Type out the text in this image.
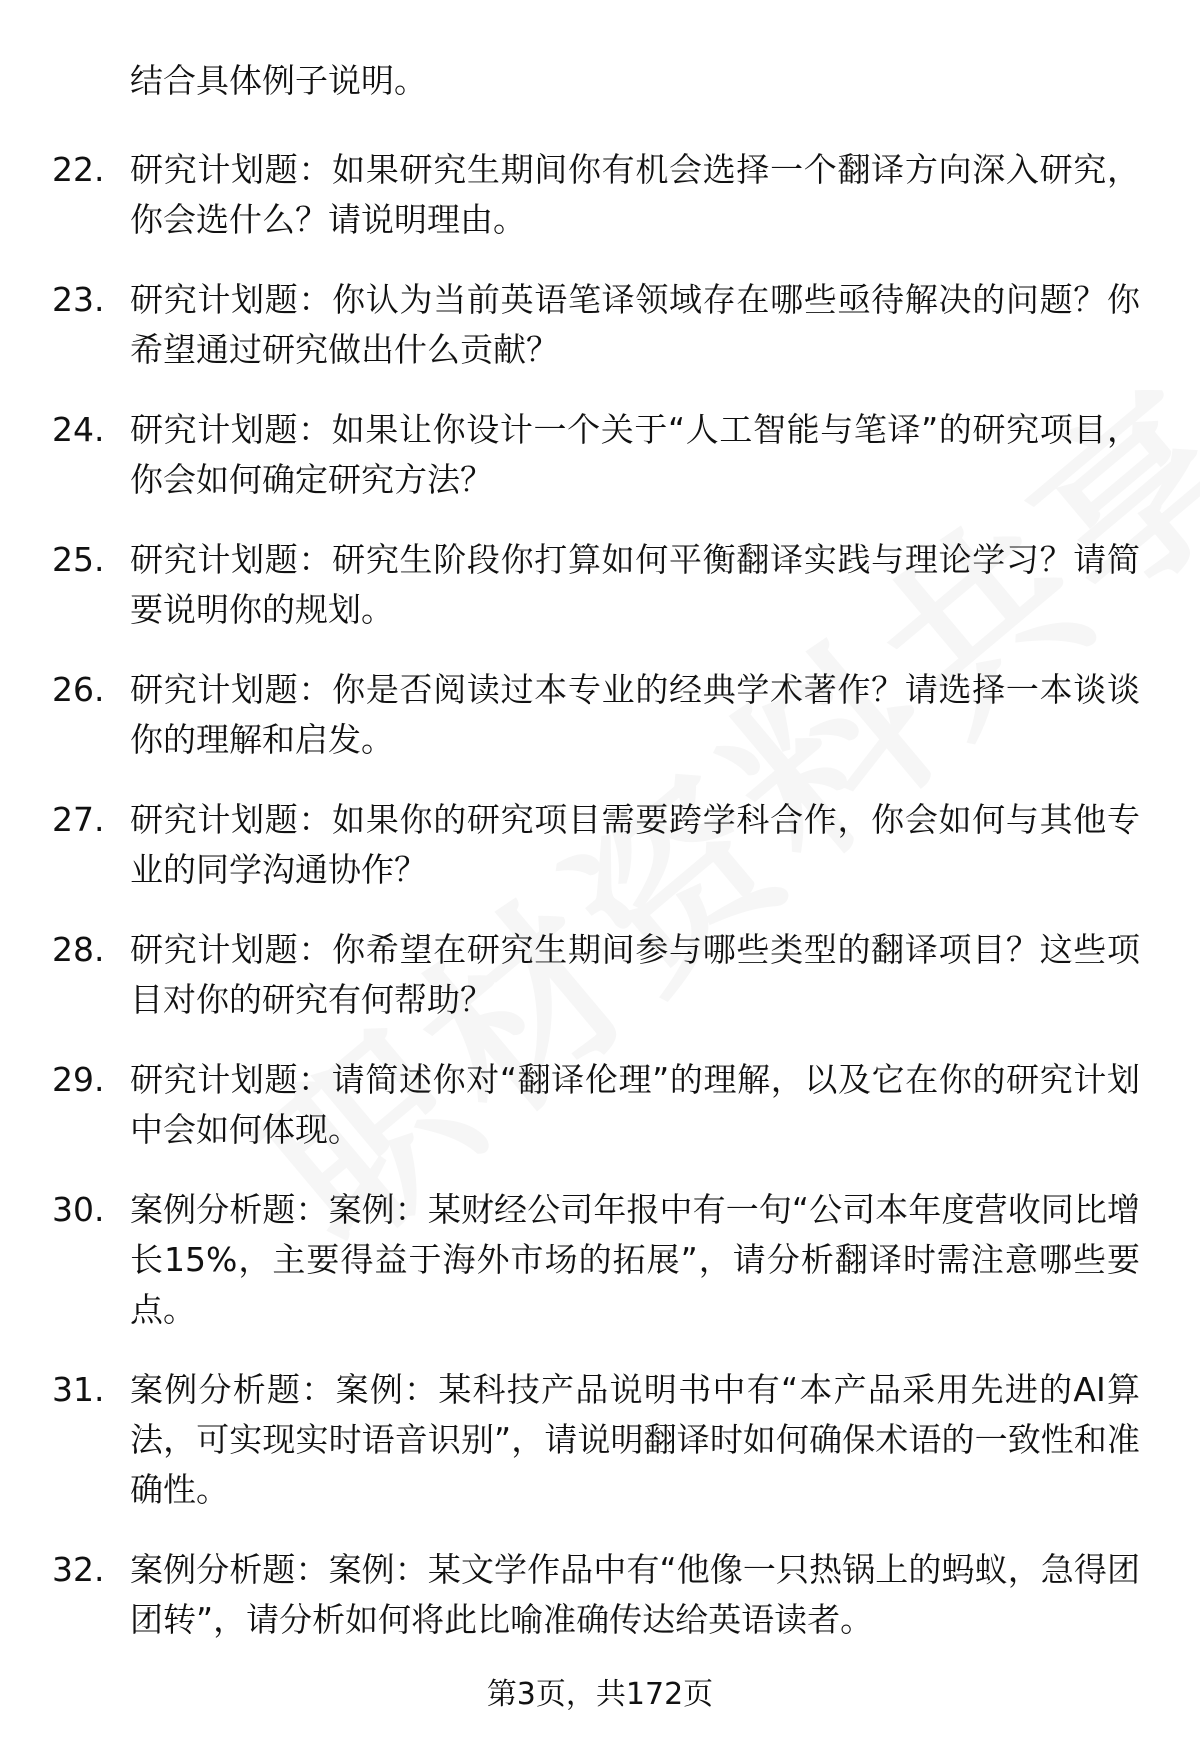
结合具体例子说明。
22. 研究计划题：如果研究生期间你有机会选择一个翻译方向深入研究，你会选什么？请说明理由。
23. 研究计划题：你认为当前英语笔译领域存在哪些亟待解决的问题？你希望通过研究做出什么贡献？
24. 研究计划题：如果让你设计一个关于“人工智能与笔译”的研究项目，你会如何确定研究方法？
25. 研究计划题：研究生阶段你打算如何平衡翻译实践与理论学习？请简要说明你的规划。
26. 研究计划题：你是否阅读过本专业的经典学术著作？请选择一本谈谈你的理解和启发。
27. 研究计划题：如果你的研究项目需要跨学科合作，你会如何与其他专业的同学沟通协作？
28. 研究计划题：你希望在研究生期间参与哪些类型的翻译项目？这些项目对你的研究有何帮助？
29. 研究计划题：请简述你对“翻译伦理”的理解，以及它在你的研究计划中会如何体现。
30. 案例分析题：案例：某财经公司年报中有一句“公司本年度营收同比增长15%，主要得益于海外市场的拓展”，请分析翻译时需注意哪些要点。
31. 案例分析题：案例：某科技产品说明书中有“本产品采用先进的AI算法，可实现实时语音识别”，请说明翻译时如何确保术语的一致性和准确性。
32. 案例分析题：案例：某文学作品中有“他像一只热锅上的蚂蚁，急得团团转”，请分析如何将此比喻准确传达给英语读者。
第3页，共172页
